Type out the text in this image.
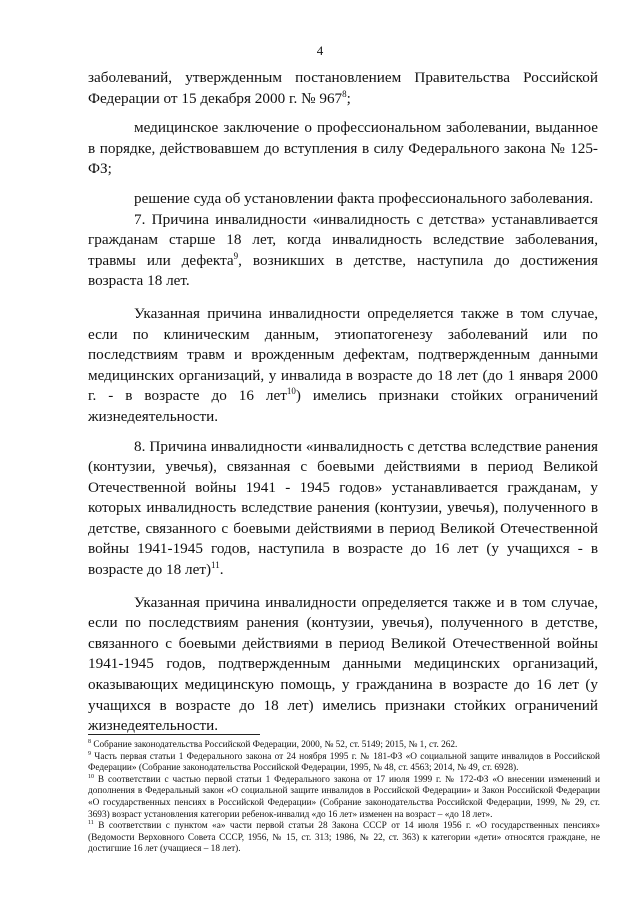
4

заболеваний, утвержденным постановлением Правительства Российской Федерации от 15 декабря 2000 г. № $967^8$;

медицинское заключение о профессиональном заболевании, выданное в порядке, действовавшем до вступления в силу Федерального закона № 125-ФЗ;

решение суда об установлении факта профессионального заболевания.

7. Причина инвалидности «инвалидность с детства» устанавливается гражданам старше 18 лет, когда инвалидность вследствие заболевания, травмы или дефекта$^9$, возникших в детстве, наступила до достижения возраста 18 лет.

Указанная причина инвалидности определяется также в том случае, если по клиническим данным, этиопатогенезу заболеваний или по последствиям травм и врожденным дефектам, подтвержденным данными медицинских организаций, у инвалида в возрасте до 18 лет (до 1 января 2000 г. - в возрасте до 16 лет$^{10}$) имелись признаки стойких ограничений жизнедеятельности.

8. Причина инвалидности «инвалидность с детства вследствие ранения (контузии, увечья), связанная с боевыми действиями в период Великой Отечественной войны 1941 - 1945 годов» устанавливается гражданам, у которых инвалидность вследствие ранения (контузии, увечья), полученного в детстве, связанного с боевыми действиями в период Великой Отечественной войны 1941-1945 годов, наступила в возрасте до 16 лет (у учащихся - в возрасте до 18 лет)$^{11}$.

Указанная причина инвалидности определяется также и в том случае, если по последствиям ранения (контузии, увечья), полученного в детстве, связанного с боевыми действиями в период Великой Отечественной войны 1941-1945 годов, подтвержденным данными медицинских организаций, оказывающих медицинскую помощь, у гражданина в возрасте до 16 лет (у учащихся в возрасте до 18 лет) имелись признаки стойких ограничений жизнедеятельности.

$^8$ Собрание законодательства Российской Федерации, 2000, № 52, ст. 5149; 2015, № 1, ст. 262.

$^9$ Часть первая статьи 1 Федерального закона от 24 ноября 1995 г. № 181-ФЗ «О социальной защите инвалидов в Российской Федерации» (Собрание законодательства Российской Федерации, 1995, № 48, ст. 4563; 2014, № 49, ст. 6928).

$^{10}$ В соответствии с частью первой статьи 1 Федерального закона от 17 июля 1999 г. № 172-ФЗ «О внесении изменений и дополнения в Федеральный закон «О социальной защите инвалидов в Российской Федерации» и Закон Российской Федерации «О государственных пенсиях в Российской Федерации» (Собрание законодательства Российской Федерации, 1999, № 29, ст. 3693) возраст установления категории ребенок-инвалид «до 16 лет» изменен на возраст – «до 18 лет».

$^{11}$ В соответствии с пунктом «а» части первой статьи 28 Закона СССР от 14 июля 1956 г. «О государственных пенсиях» (Ведомости Верховного Совета СССР, 1956, № 15, ст. 313; 1986, № 22, ст. 363) к категории «дети» относятся граждане, не достигшие 16 лет (учащиеся – 18 лет).
